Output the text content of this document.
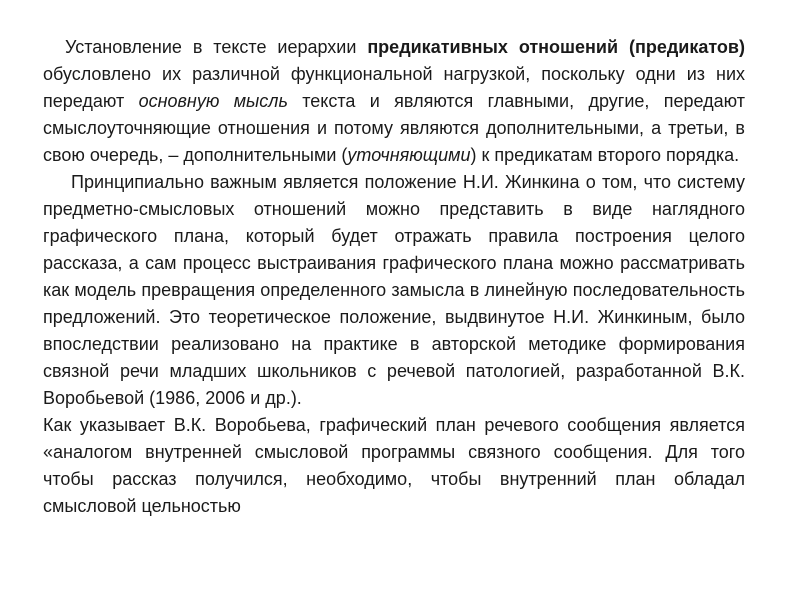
Установление в тексте иерархии предикативных отношений (предикатов) обусловлено их различной функциональной нагрузкой, поскольку одни из них передают основную мысль текста и являются главными, другие, передают смыслоуточняющие отношения и потому являются дополнительными, а третьи, в свою очередь, – дополнительными (уточняющими) к предикатам второго порядка.

Принципиально важным является положение Н.И. Жинкина о том, что систему предметно-смысловых отношений можно представить в виде наглядного графического плана, который будет отражать правила построения целого рассказа, а сам процесс выстраивания графического плана можно рассматривать как модель превращения определенного замысла в линейную последовательность предложений. Это теоретическое положение, выдвинутое Н.И. Жинкиным, было впоследствии реализовано на практике в авторской методике формирования связной речи младших школьников с речевой патологией, разработанной В.К. Воробьевой (1986, 2006 и др.).

Как указывает В.К. Воробьева, графический план речевого сообщения является «аналогом внутренней смысловой программы связного сообщения. Для того чтобы рассказ получился, необходимо, чтобы внутренний план обладал смысловой цельностью
